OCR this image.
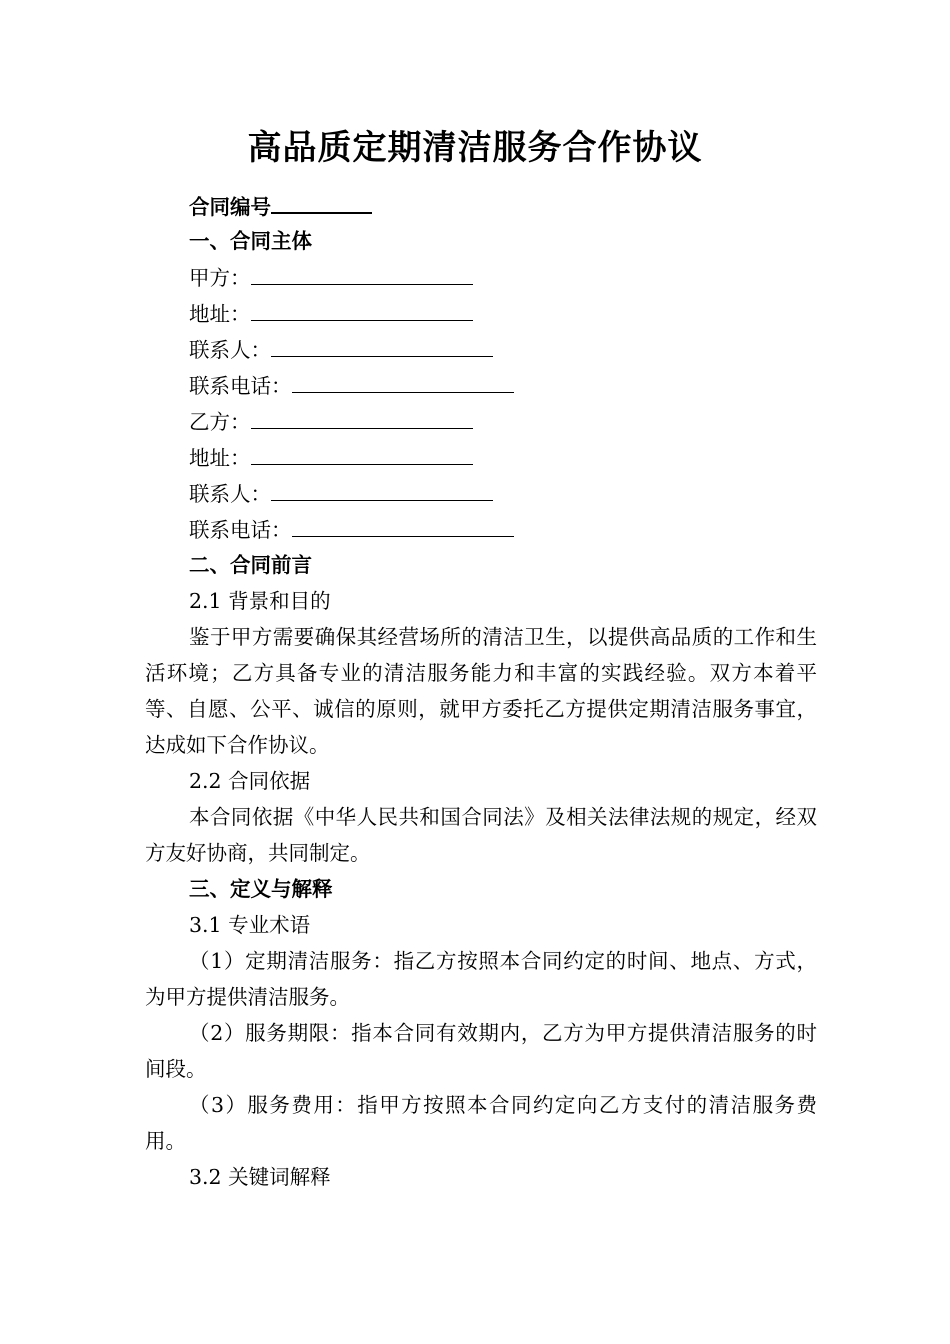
高品质定期清洁服务合作协议
合同编号
一、合同主体
甲方：
地址：
联系人：
联系电话：
乙方：
地址：
联系人：
联系电话：
二、合同前言
2.1 背景和目的
鉴于甲方需要确保其经营场所的清洁卫生，以提供高品质的工作和生活环境；乙方具备专业的清洁服务能力和丰富的实践经验。双方本着平等、自愿、公平、诚信的原则，就甲方委托乙方提供定期清洁服务事宜，达成如下合作协议。
2.2 合同依据
本合同依据《中华人民共和国合同法》及相关法律法规的规定，经双方友好协商，共同制定。
三、定义与解释
3.1 专业术语
（1）定期清洁服务：指乙方按照本合同约定的时间、地点、方式，为甲方提供清洁服务。
（2）服务期限：指本合同有效期内，乙方为甲方提供清洁服务的时间段。
（3）服务费用：指甲方按照本合同约定向乙方支付的清洁服务费用。
3.2 关键词解释
